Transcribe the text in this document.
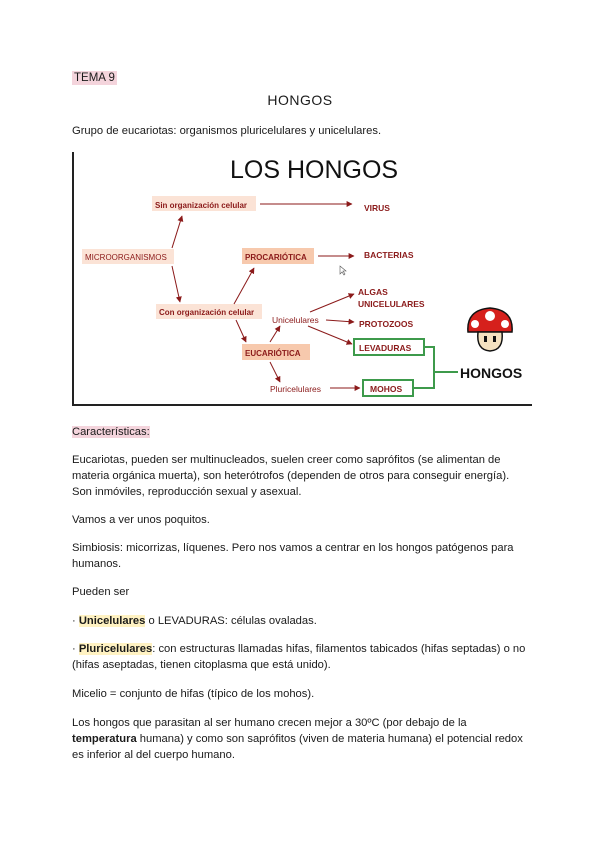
TEMA 9
HONGOS

Grupo de eucariotas: organismos pluricelulares y unicelulares.

LOS HONGOS
Sin organización celular	VIRUS
MICROORGANISMOS	PROCARIÓTICA	BACTERIAS
Con organización celular
ALGAS
UNICELULARES
Unicelulares	PROTOZOOS
EUCARIÓTICA
Pluricelulares
LEVADURAS
MOHOS
HONGOS

Características:

Eucariotas, pueden ser multinucleados, suelen creer como saprófitos (se alimentan de materia orgánica muerta), son heterótrofos (dependen de otros para conseguir energía). Son inmóviles, reproducción sexual y asexual.

Vamos a ver unos poquitos.

Simbiosis: micorrizas, líquenes. Pero nos vamos a centrar en los hongos patógenos para humanos.

Pueden ser

· Unicelulares o LEVADURAS: células ovaladas.

· Pluricelulares: con estructuras llamadas hifas, filamentos tabicados (hifas septadas) o no (hifas aseptadas, tienen citoplasma que está unido).

Micelio = conjunto de hifas (típico de los mohos).

Los hongos que parasitan al ser humano crecen mejor a 30ºC (por debajo de la temperatura humana) y como son saprófitos (viven de materia humana) el potencial redox es inferior al del cuerpo humano.
